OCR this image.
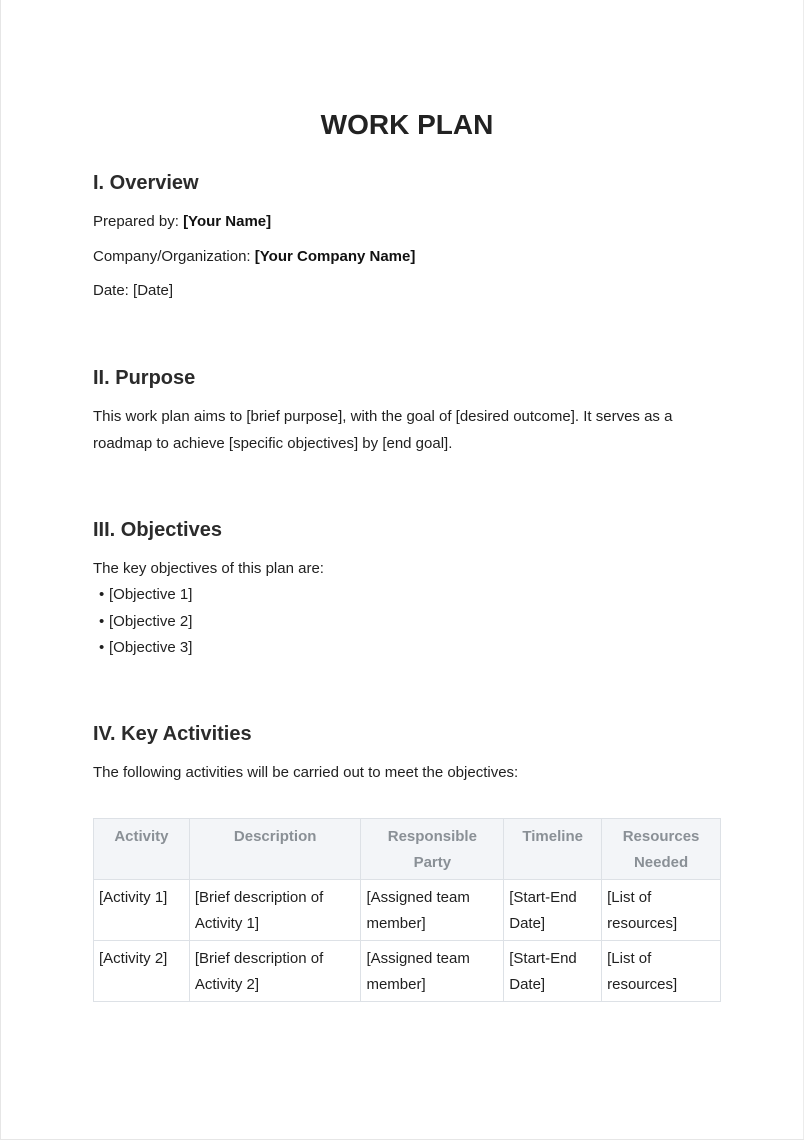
WORK PLAN
I. Overview

Prepared by: [Your Name]

Company/Organization: [Your Company Name]

Date: [Date]

II. Purpose

This work plan aims to [brief purpose], with the goal of [desired outcome]. It serves as a roadmap to achieve [specific objectives] by [end goal].

III. Objectives

The key objectives of this plan are:

• [Objective 1]
• [Objective 2]
• [Objective 3]
IV. Key Activities

The following activities will be carried out to meet the objectives:

Activity	Description	Responsible Party	Timeline	Resources Needed
[Activity 1]	[Brief description of Activity 1]	[Assigned team member]	[Start-End Date]	[List of resources]
[Activity 2]	[Brief description of Activity 2]	[Assigned team member]	[Start-End Date]	[List of resources]
